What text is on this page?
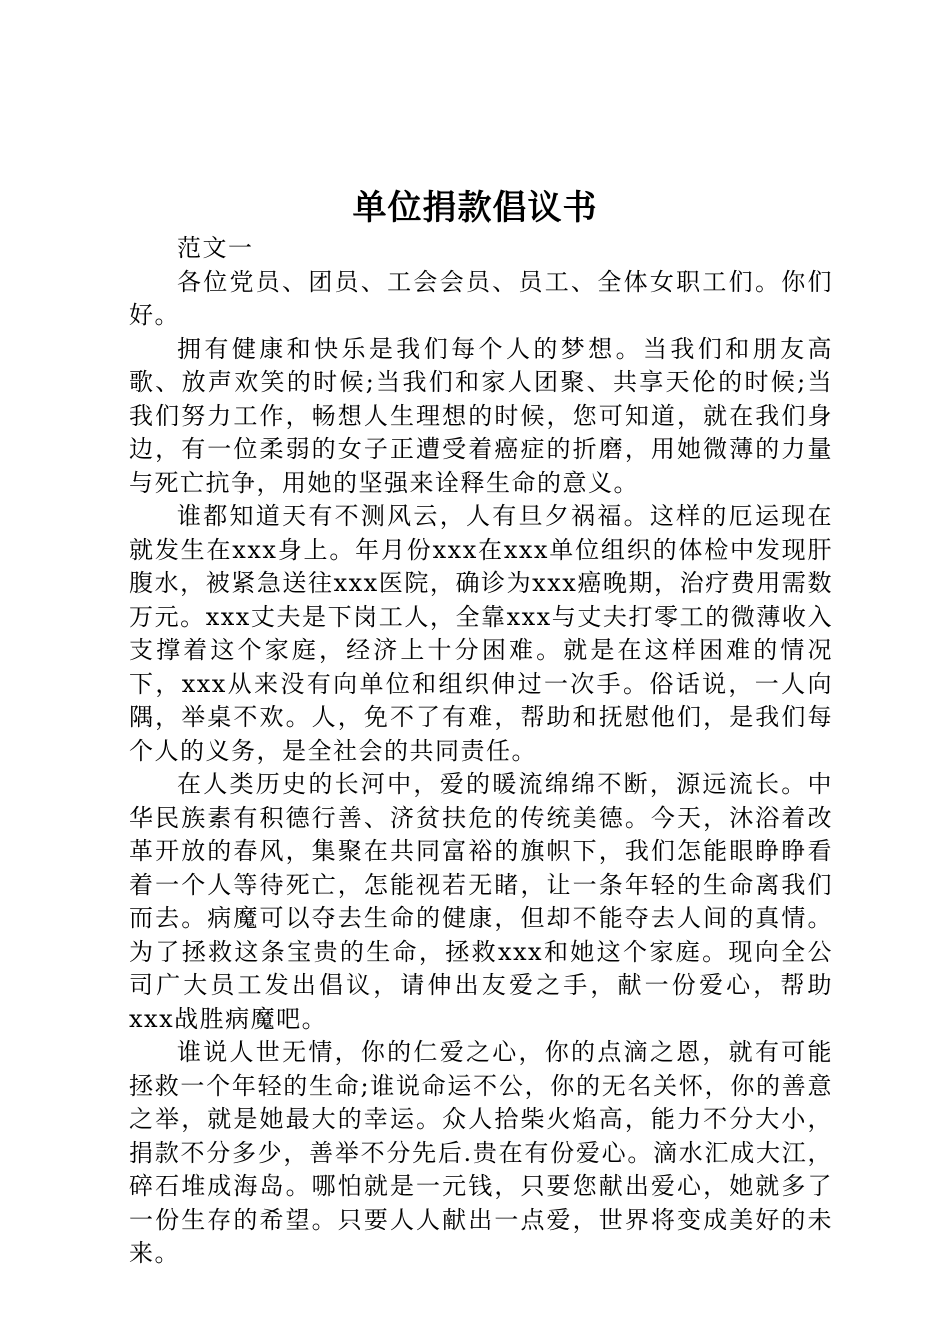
单位捐款倡议书

范文一

各位党员、团员、工会会员、员工、全体女职工们。你们好。

拥有健康和快乐是我们每个人的梦想。当我们和朋友高歌、放声欢笑的时候;当我们和家人团聚、共享天伦的时候;当我们努力工作，畅想人生理想的时候，您可知道，就在我们身边，有一位柔弱的女子正遭受着癌症的折磨，用她微薄的力量与死亡抗争，用她的坚强来诠释生命的意义。

谁都知道天有不测风云，人有旦夕祸福。这样的厄运现在就发生在xxx身上。年月份xxx在xxx单位组织的体检中发现肝腹水，被紧急送往xxx医院，确诊为xxx癌晚期，治疗费用需数万元。xxx丈夫是下岗工人，全靠xxx与丈夫打零工的微薄收入支撑着这个家庭，经济上十分困难。就是在这样困难的情况下，xxx从来没有向单位和组织伸过一次手。俗话说，一人向隅，举桌不欢。人，免不了有难，帮助和抚慰他们，是我们每个人的义务，是全社会的共同责任。

在人类历史的长河中，爱的暖流绵绵不断，源远流长。中华民族素有积德行善、济贫扶危的传统美德。今天，沐浴着改革开放的春风，集聚在共同富裕的旗帜下，我们怎能眼睁睁看着一个人等待死亡，怎能视若无睹，让一条年轻的生命离我们而去。病魔可以夺去生命的健康，但却不能夺去人间的真情。为了拯救这条宝贵的生命，拯救xxx和她这个家庭。现向全公司广大员工发出倡议，请伸出友爱之手，献一份爱心，帮助xxx战胜病魔吧。

谁说人世无情，你的仁爱之心，你的点滴之恩，就有可能拯救一个年轻的生命;谁说命运不公，你的无名关怀，你的善意之举，就是她最大的幸运。众人拾柴火焰高，能力不分大小，捐款不分多少，善举不分先后.贵在有份爱心。滴水汇成大江，碎石堆成海岛。哪怕就是一元钱，只要您献出爱心，她就多了一份生存的希望。只要人人献出一点爱，世界将变成美好的未来。
